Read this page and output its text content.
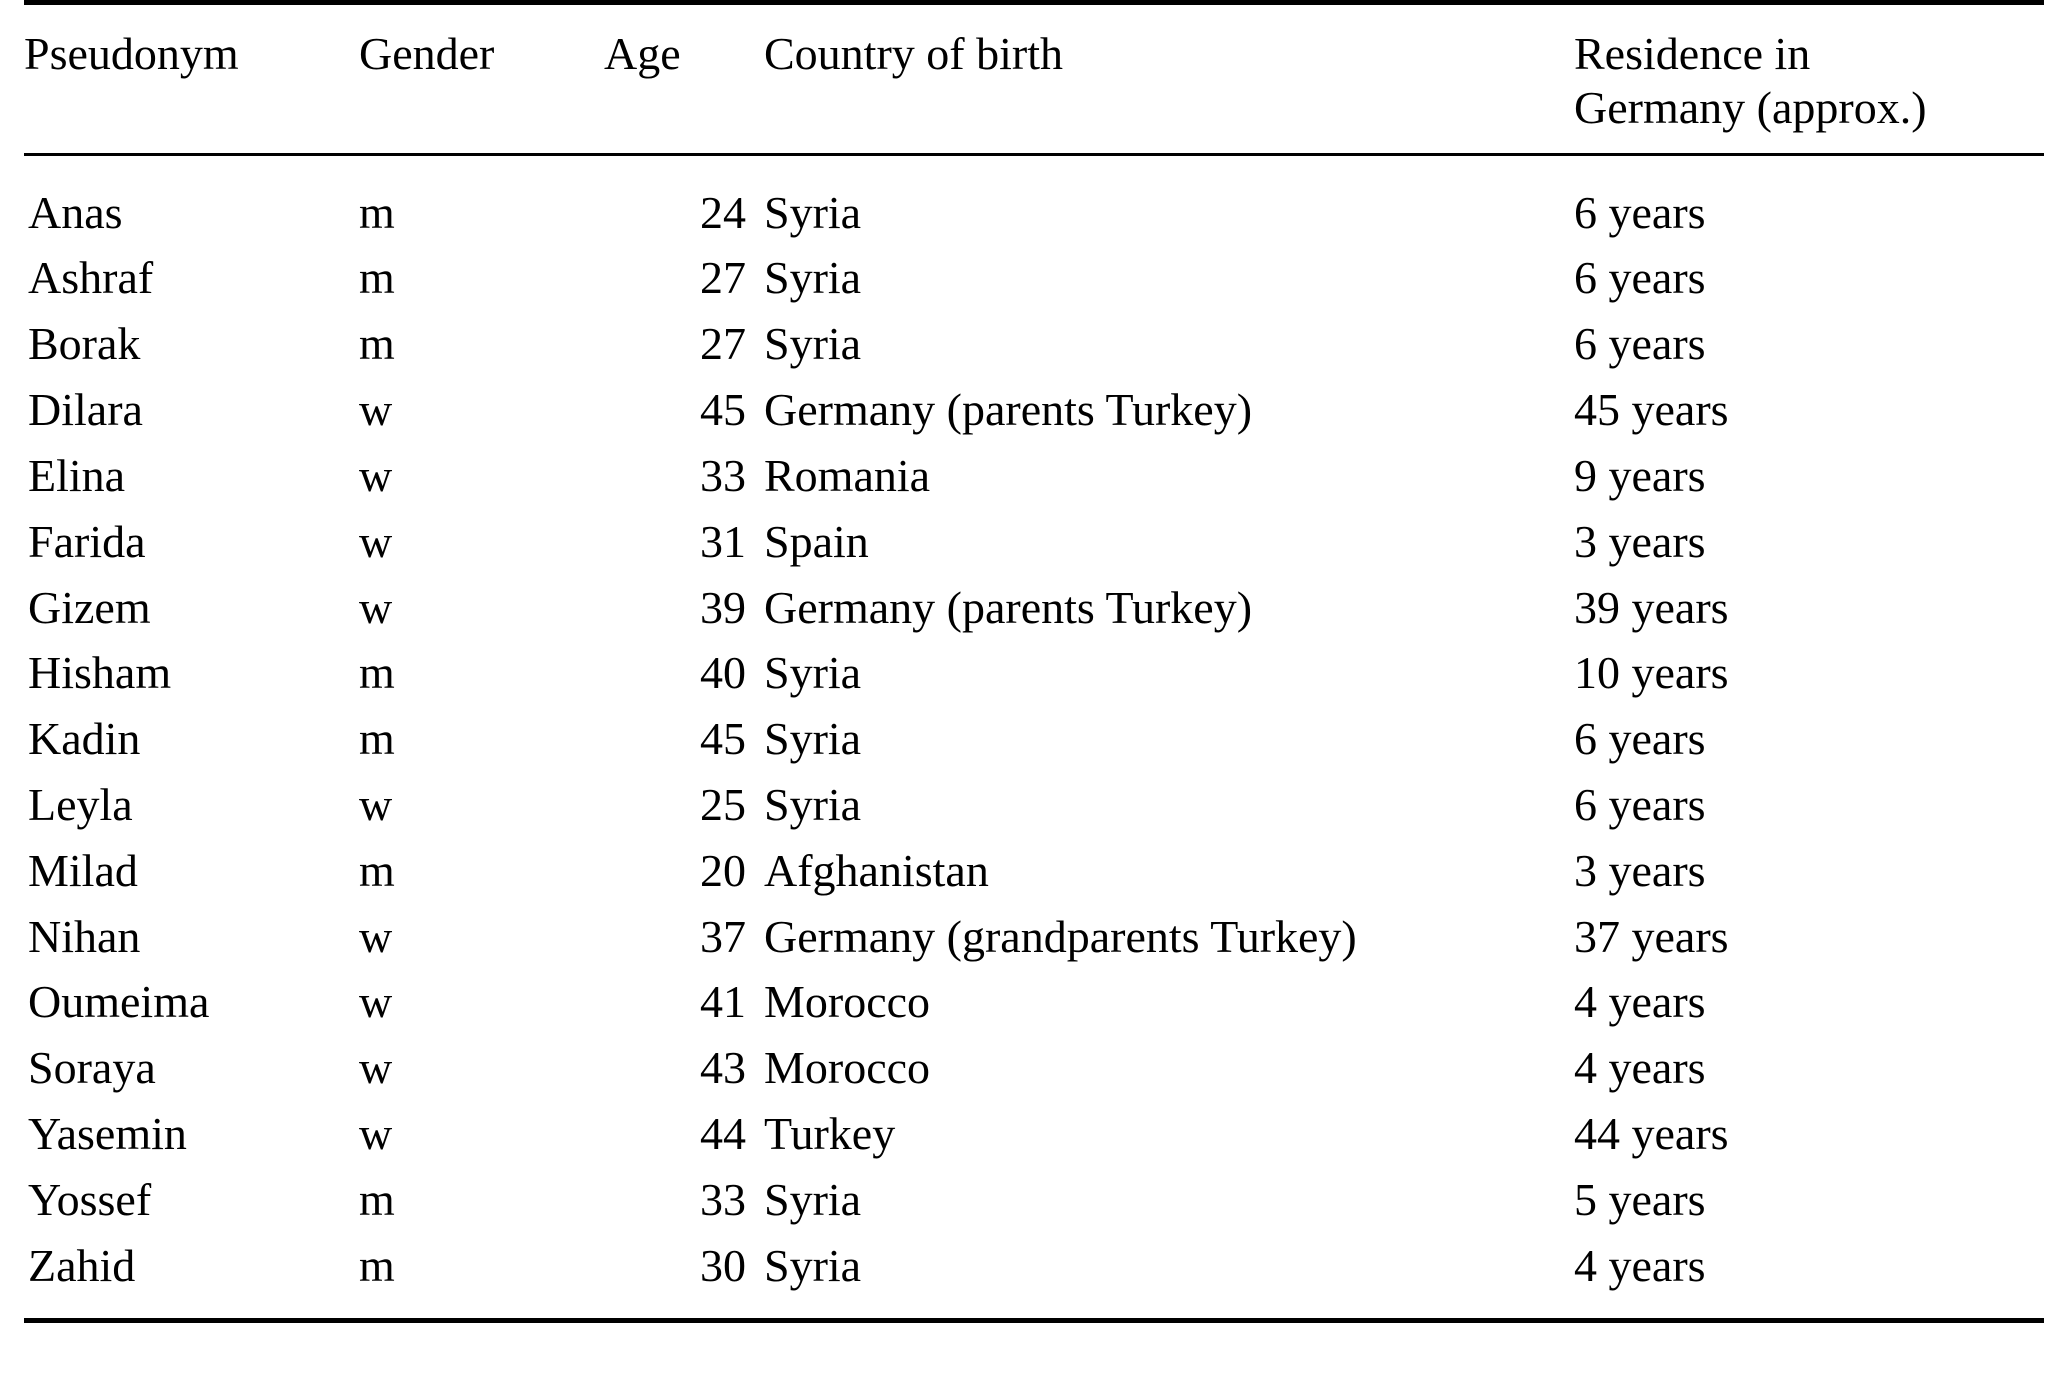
Pseudonym	Gender	Age	Country of birth	Residence in
Germany (approx.)

Anas	m	24	Syria	6 years
Ashraf	m	27	Syria	6 years
Borak	m	27	Syria	6 years
Dilara	w	45	Germany (parents Turkey)	45 years
Elina	w	33	Romania	9 years
Farida	w	31	Spain	3 years
Gizem	w	39	Germany (parents Turkey)	39 years
Hisham	m	40	Syria	10 years
Kadin	m	45	Syria	6 years
Leyla	w	25	Syria	6 years
Milad	m	20	Afghanistan	3 years
Nihan	w	37	Germany (grandparents Turkey)	37 years
Oumeima	w	41	Morocco	4 years
Soraya	w	43	Morocco	4 years
Yasemin	w	44	Turkey	44 years
Yossef	m	33	Syria	5 years
Zahid	m	30	Syria	4 years
